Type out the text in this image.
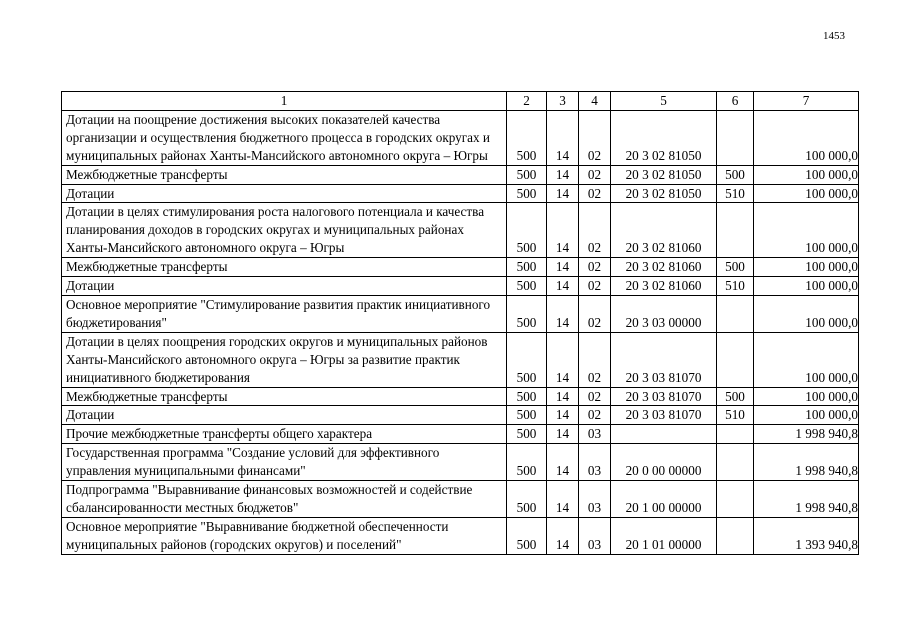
1453
1	2	3	4	5	6	7
Дотации на поощрение достижения высоких показателей качества организации и осуществления бюджетного процесса в городских округах и муниципальных районах Ханты-Мансийского автономного округа – Югры	500	14	02	20 3 02 81050		100 000,0
Межбюджетные трансферты	500	14	02	20 3 02 81050	500	100 000,0
Дотации	500	14	02	20 3 02 81050	510	100 000,0
Дотации в целях стимулирования роста налогового потенциала и качества планирования доходов в городских округах и муниципальных районах Ханты-Мансийского автономного округа – Югры	500	14	02	20 3 02 81060		100 000,0
Межбюджетные трансферты	500	14	02	20 3 02 81060	500	100 000,0
Дотации	500	14	02	20 3 02 81060	510	100 000,0
Основное мероприятие "Стимулирование развития практик инициативного бюджетирования"	500	14	02	20 3 03 00000		100 000,0
Дотации в целях поощрения городских округов и муниципальных районов Ханты-Мансийского автономного округа – Югры за развитие практик инициативного бюджетирования	500	14	02	20 3 03 81070		100 000,0
Межбюджетные трансферты	500	14	02	20 3 03 81070	500	100 000,0
Дотации	500	14	02	20 3 03 81070	510	100 000,0
Прочие межбюджетные трансферты общего характера	500	14	03			1 998 940,8
Государственная программа "Создание условий для эффективного управления муниципальными финансами"	500	14	03	20 0 00 00000		1 998 940,8
Подпрограмма "Выравнивание финансовых возможностей и содействие сбалансированности местных бюджетов"	500	14	03	20 1 00 00000		1 998 940,8
Основное мероприятие "Выравнивание бюджетной обеспеченности муниципальных районов (городских округов) и поселений"	500	14	03	20 1 01 00000		1 393 940,8
